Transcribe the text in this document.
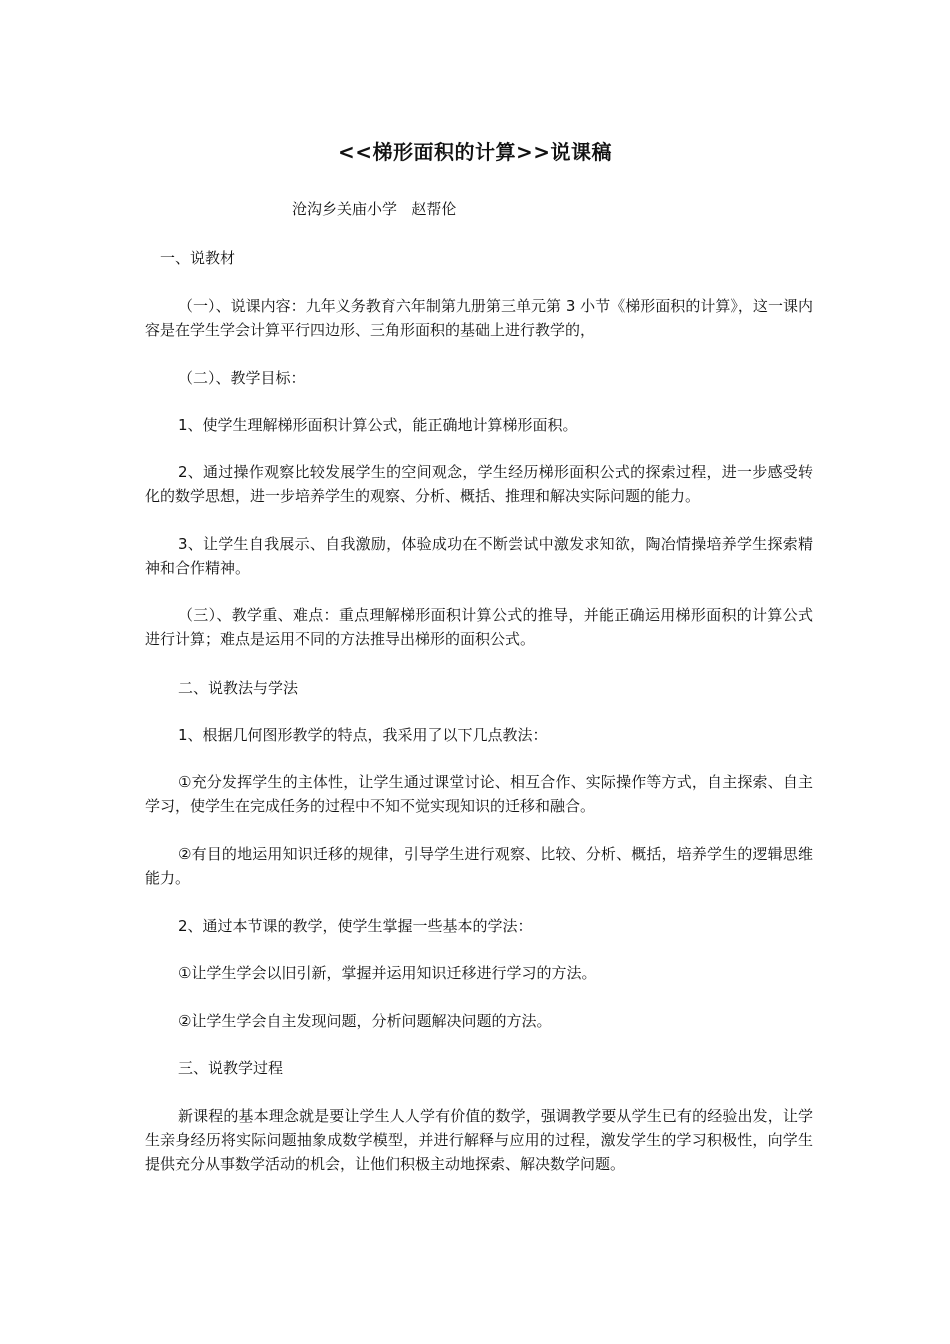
<<梯形面积的计算>>说课稿
沧沟乡关庙小学 赵帮伦
一、说教材
（一）、说课内容：九年义务教育六年制第九册第三单元第 3 小节《梯形面积的计算》，这一课内容是在学生学会计算平行四边形、三角形面积的基础上进行教学的，
（二）、教学目标：
1、使学生理解梯形面积计算公式，能正确地计算梯形面积。
2、通过操作观察比较发展学生的空间观念，学生经历梯形面积公式的探索过程，进一步感受转化的数学思想，进一步培养学生的观察、分析、概括、推理和解决实际问题的能力。
3、让学生自我展示、自我激励，体验成功在不断尝试中激发求知欲，陶冶情操培养学生探索精神和合作精神。
（三）、教学重、难点：重点理解梯形面积计算公式的推导，并能正确运用梯形面积的计算公式进行计算；难点是运用不同的方法推导出梯形的面积公式。
二、说教法与学法
1、根据几何图形教学的特点，我采用了以下几点教法：
①充分发挥学生的主体性，让学生通过课堂讨论、相互合作、实际操作等方式，自主探索、自主学习，使学生在完成任务的过程中不知不觉实现知识的迁移和融合。
②有目的地运用知识迁移的规律，引导学生进行观察、比较、分析、概括，培养学生的逻辑思维能力。
2、通过本节课的教学，使学生掌握一些基本的学法：
①让学生学会以旧引新，掌握并运用知识迁移进行学习的方法。
②让学生学会自主发现问题，分析问题解决问题的方法。
三、说教学过程
新课程的基本理念就是要让学生人人学有价值的数学，强调教学要从学生已有的经验出发，让学生亲身经历将实际问题抽象成数学模型，并进行解释与应用的过程，激发学生的学习积极性，向学生提供充分从事数学活动的机会，让他们积极主动地探索、解决数学问题。
